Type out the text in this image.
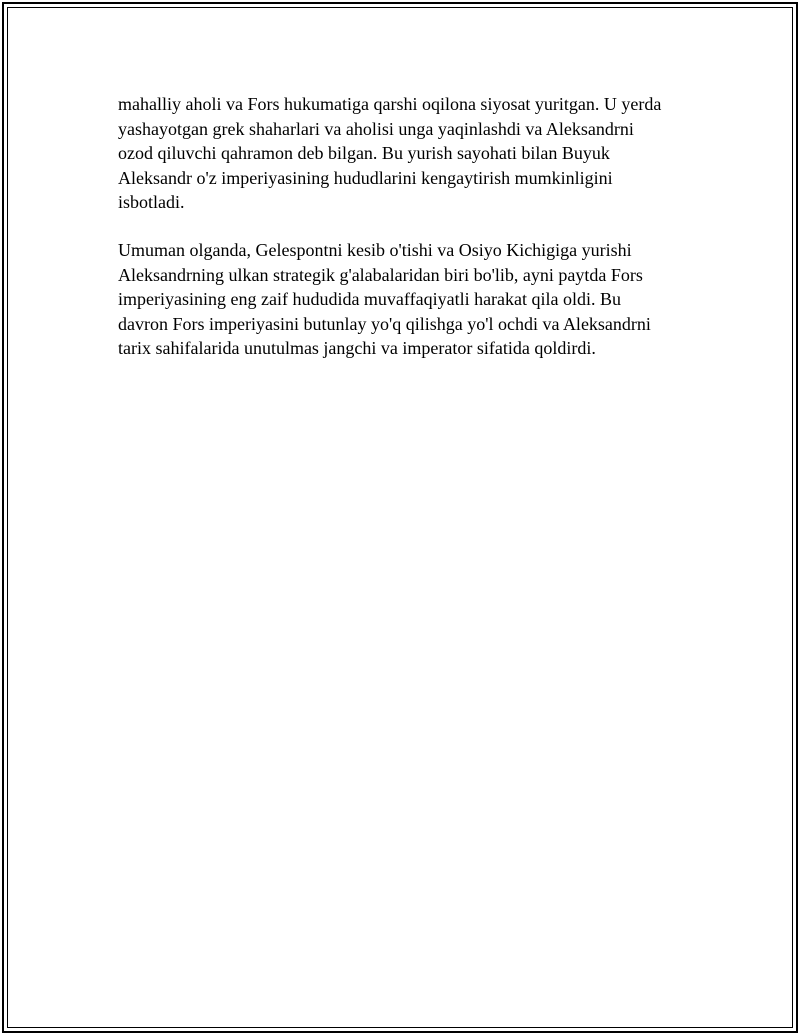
mahalliy aholi va Fors hukumatiga qarshi oqilona siyosat yuritgan. U yerda
yashayotgan grek shaharlari va aholisi unga yaqinlashdi va Aleksandrni
ozod qiluvchi qahramon deb bilgan. Bu yurish sayohati bilan Buyuk
Aleksandr o'z imperiyasining hududlarini kengaytirish mumkinligini
isbotladi.

Umuman olganda, Gelespontni kesib o'tishi va Osiyo Kichigiga yurishi
Aleksandrning ulkan strategik g'alabalaridan biri bo'lib, ayni paytda Fors
imperiyasining eng zaif hududida muvaffaqiyatli harakat qila oldi. Bu
davron Fors imperiyasini butunlay yo'q qilishga yo'l ochdi va Aleksandrni
tarix sahifalarida unutulmas jangchi va imperator sifatida qoldirdi.
